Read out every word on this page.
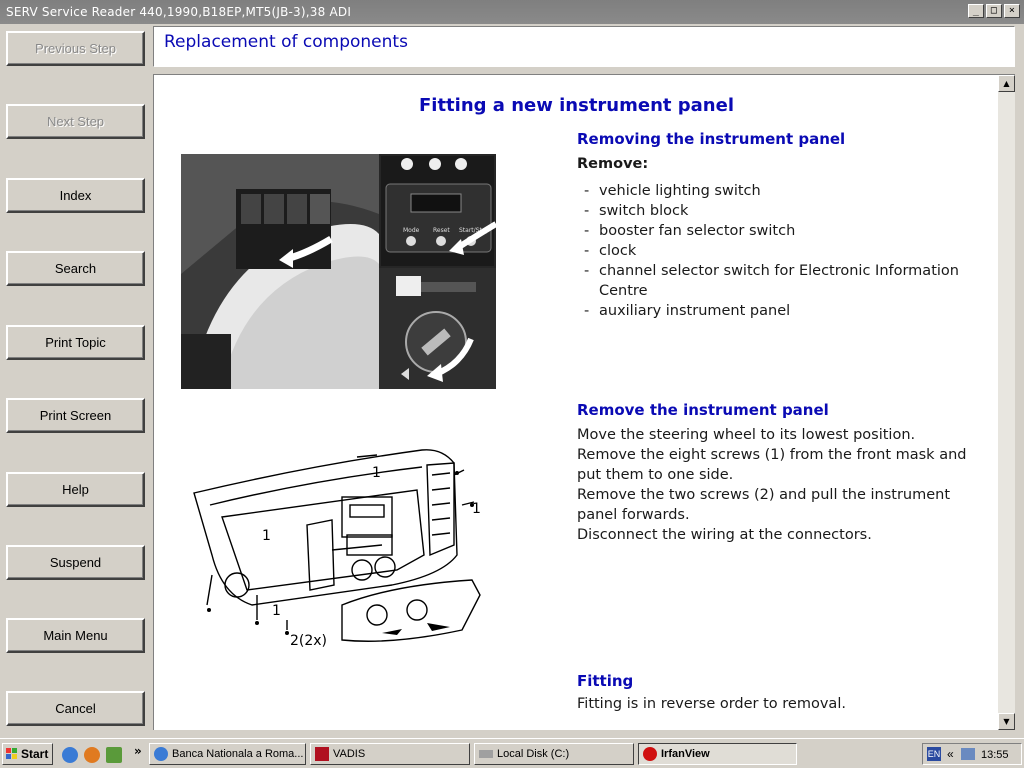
SERV Service Reader 440,1990,B18EP,MT5(JB-3),38 ADI	_	□	×
Previous Step
Next Step
Index
Search
Print Topic
Print Screen
Help
Suspend
Main Menu
Cancel
Replacement of components
Fitting a new instrument panel
Removing the instrument panel
Remove:
- vehicle lighting switch
- switch block
- booster fan selector switch
- clock
- channel selector switch for Electronic Information Centre
- auxiliary instrument panel
Remove the instrument panel
Move the steering wheel to its lowest position.
Remove the eight screws (1) from the front mask and put them to one side.
Remove the two screws (2) and pull the instrument panel forwards.
Disconnect the wiring at the connectors.
Fitting
Fitting is in reverse order to removal.
Mode Reset Start/Stop
1
1
1
1
2(2x)
▲
▼
Start	»	Banca Nationala a Roma...	VADIS	Local Disk (C:)	IrfanView	EN « 13:55
